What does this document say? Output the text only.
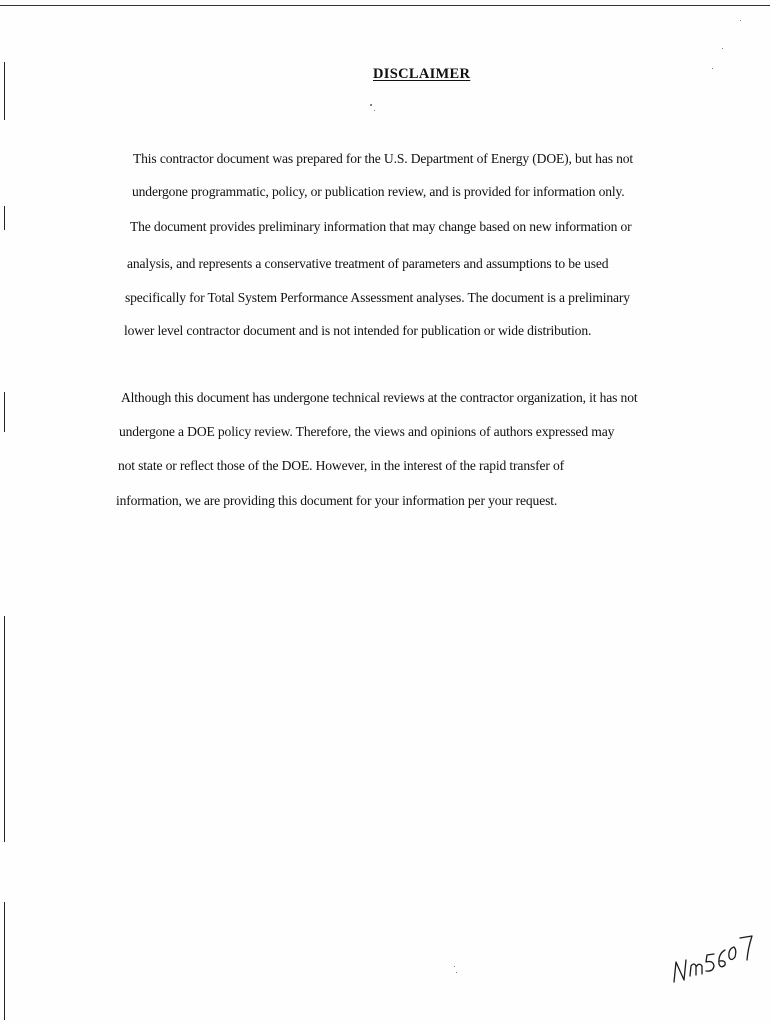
DISCLAIMER
This contractor document was prepared for the U.S. Department of Energy (DOE), but has not
undergone programmatic, policy, or publication review, and is provided for information only.
The document provides preliminary information that may change based on new information or
analysis, and represents a conservative treatment of parameters and assumptions to be used
specifically for Total System Performance Assessment analyses. The document is a preliminary
lower level contractor document and is not intended for publication or wide distribution.
Although this document has undergone technical reviews at the contractor organization, it has not
undergone a DOE policy review. Therefore, the views and opinions of authors expressed may
not state or reflect those of the DOE. However, in the interest of the rapid transfer of
information, we are providing this document for your information per your request.
